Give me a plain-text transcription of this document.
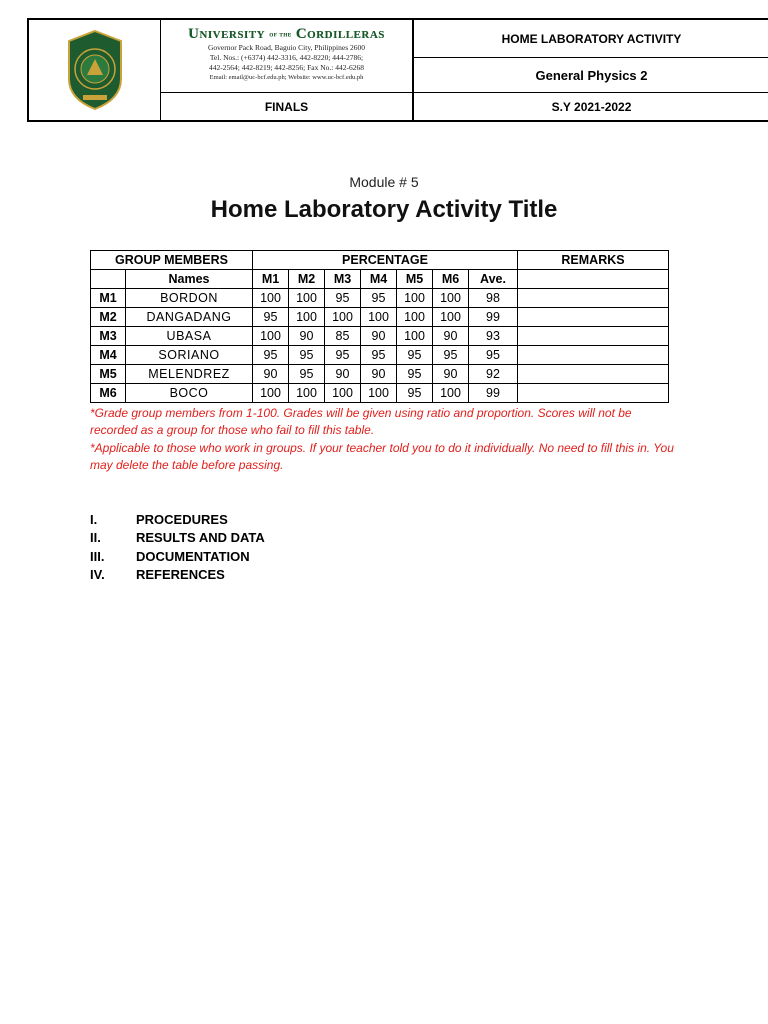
University of the Cordilleras
Governor Pack Road, Baguio City, Philippines 2600
Tel. Nos.: (+6374) 442-3316, 442-8220; 444-2786;
442-2564; 442-8219; 442-8256; Fax No.: 442-6268
Email: email@uc-bcf.edu.ph; Website: www.uc-bcf.edu.ph
FINALS
HOME LABORATORY ACTIVITY
General Physics 2
S.Y 2021-2022
Module # 5
Home Laboratory Activity Title
GROUP MEMBERS		PERCENTAGE							REMARKS
	Names	M1	M2	M3	M4	M5	M6	Ave.	
M1	BORDON	100	100	95	95	100	100	98	
M2	DANGADANG	95	100	100	100	100	100	99	
M3	UBASA	100	90	85	90	100	90	93	
M4	SORIANO	95	95	95	95	95	95	95	
M5	MELENDREZ	90	95	90	90	95	90	92	
M6	BOCO	100	100	100	100	95	100	99	
*Grade group members from 1-100. Grades will be given using ratio and proportion. Scores will not be recorded as a group for those who fail to fill this table.
*Applicable to those who work in groups. If your teacher told you to do it individually. No need to fill this in. You may delete the table before passing.
I.	PROCEDURES
II.	RESULTS AND DATA
III.	DOCUMENTATION
IV.	REFERENCES
